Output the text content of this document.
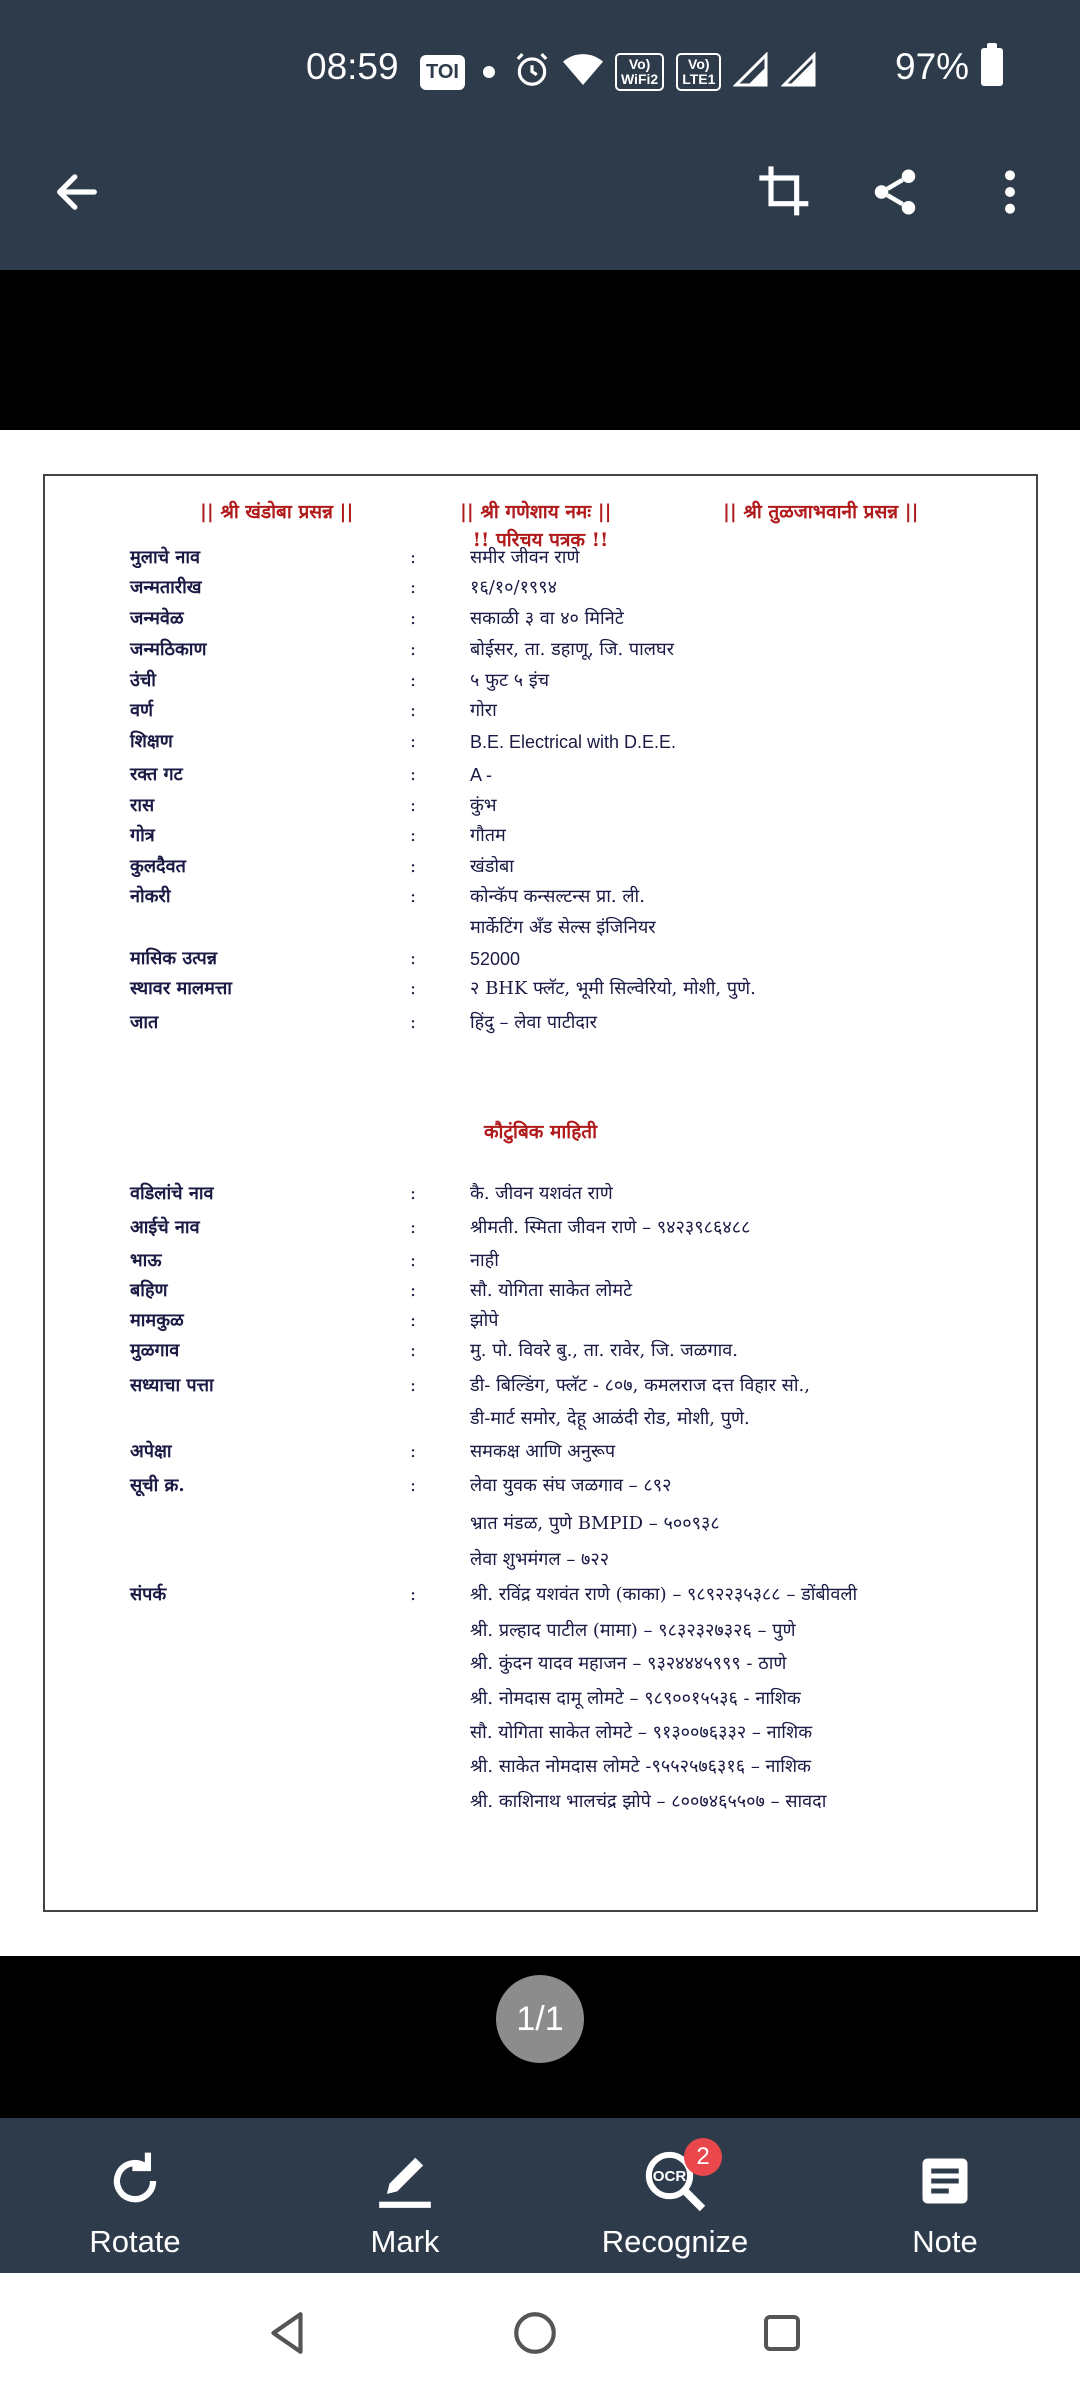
08:59	TOI	Vo)
WiFi2
Vo)
LTE1	97%
|| श्री खंडोबा प्रसन्न ||	|| श्री गणेशाय नमः ||	|| श्री तुळजाभवानी प्रसन्न ||
!! परिचय पत्रक !!
मुलाचे नाव	:	समीर जीवन राणे
जन्मतारीख	:	१६/१०/१९९४
जन्मवेळ	:	सकाळी ३ वा ४० मिनिटे
जन्मठिकाण	:	बोईसर, ता. डहाणू, जि. पालघर
उंची	:	५ फुट ५ इंच
वर्ण	:	गोरा
शिक्षण	:	B.E. Electrical with D.E.E.
रक्त गट	:	A -
रास	:	कुंभ
गोत्र	:	गौतम
कुलदैवत	:	खंडोबा
नोकरी	:	कोन्कॅप कन्सल्टन्स प्रा. ली.
मार्केटिंग अँड सेल्स इंजिनियर
मासिक उत्पन्न	:	52000
स्थावर मालमत्ता	:	२ BHK फ्लॅट, भूमी सिल्वेरियो, मोशी, पुणे.
जात	:	हिंदु – लेवा पाटीदार
कौटुंबिक माहिती
वडिलांचे नाव	:	कै. जीवन यशवंत राणे
आईचे नाव	:	श्रीमती. स्मिता जीवन राणे – ९४२३९८६४८८
भाऊ	:	नाही
बहिण	:	सौ. योगिता साकेत लोमटे
मामकुळ	:	झोपे
मुळगाव	:	मु. पो. विवरे बु., ता. रावेर, जि. जळगाव.
सध्याचा पत्ता	:	डी- बिल्डिंग, फ्लॅट - ८०७, कमलराज दत्त विहार सो.,
डी-मार्ट समोर, देहू आळंदी रोड, मोशी, पुणे.
अपेक्षा	:	समकक्ष आणि अनुरूप
सूची क्र.	:	लेवा युवक संघ जळगाव – ८९२
भ्रात मंडळ, पुणे BMPID – ५००९३८
लेवा शुभमंगल – ७२२
संपर्क	:	श्री. रविंद्र यशवंत राणे (काका) – ९८९२२३५३८८ – डोंबीवली
श्री. प्रल्हाद पाटील (मामा) – ९८३२३२७३२६ – पुणे
श्री. कुंदन यादव महाजन – ९३२४४४५९९९ - ठाणे
श्री. नोमदास दामू लोमटे – ९८९००१५५३६ - नाशिक
सौ. योगिता साकेत लोमटे – ९१३००७६३३२ – नाशिक
श्री. साकेत नोमदास लोमटे -९५५२५७६३१६ – नाशिक
श्री. काशिनाथ भालचंद्र झोपे – ८००७४६५५०७ – सावदा
1/1
Rotate	Mark
OCR
2
Recognize	Note
